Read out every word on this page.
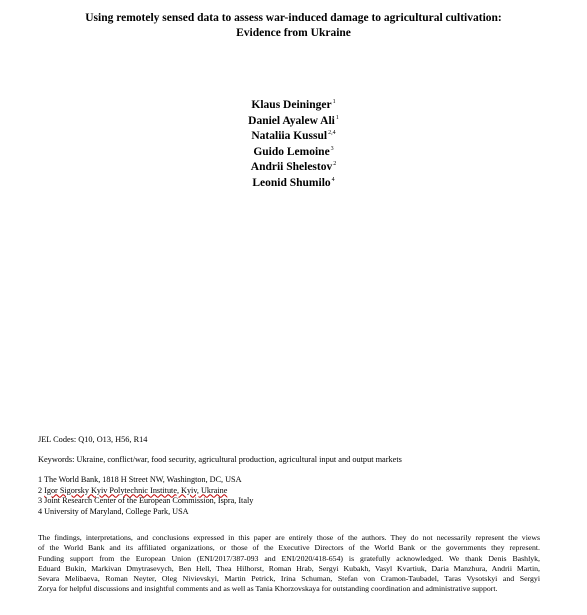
Using remotely sensed data to assess war-induced damage to agricultural cultivation:
Evidence from Ukraine
Klaus Deininger$^1$
Daniel Ayalew Ali$^1$
Nataliia Kussul$^{2,4}$
Guido Lemoine$^3$
Andrii Shelestov$^2$
Leonid Shumilo$^4$
JEL Codes: Q10, O13, H56, R14
Keywords: Ukraine, conflict/war, food security, agricultural production, agricultural input and output markets
1 The World Bank, 1818 H Street NW, Washington, DC, USA
2 Igor Sigorsky Kyiv Polytechnic Institute, Kyiv, Ukraine
3 Joint Research Center of the European Commission, Ispra, Italy
4 University of Maryland, College Park, USA
The findings, interpretations, and conclusions expressed in this paper are entirely those of the authors. They do not necessarily represent the views
of the World Bank and its affiliated organizations, or those of the Executive Directors of the World Bank or the governments they represent.
Funding support from the European Union (ENI/2017/387-093 and ENI/2020/418-654) is gratefully acknowledged. We thank Denis Bashlyk,
Eduard Bukin, Markivan Dmytrasevych, Ben Hell, Thea Hilhorst, Roman Hrab, Sergyi Kubakh, Vasyl Kvartiuk, Daria Manzhura, Andrii Martin,
Sevara Melibaeva, Roman Neyter, Oleg Nivievskyi, Martin Petrick, Irina Schuman, Stefan von Cramon-Taubadel, Taras Vysotskyi and Sergyi
Zorya for helpful discussions and insightful comments and as well as Tania Khorzovskaya for outstanding coordination and administrative support.
